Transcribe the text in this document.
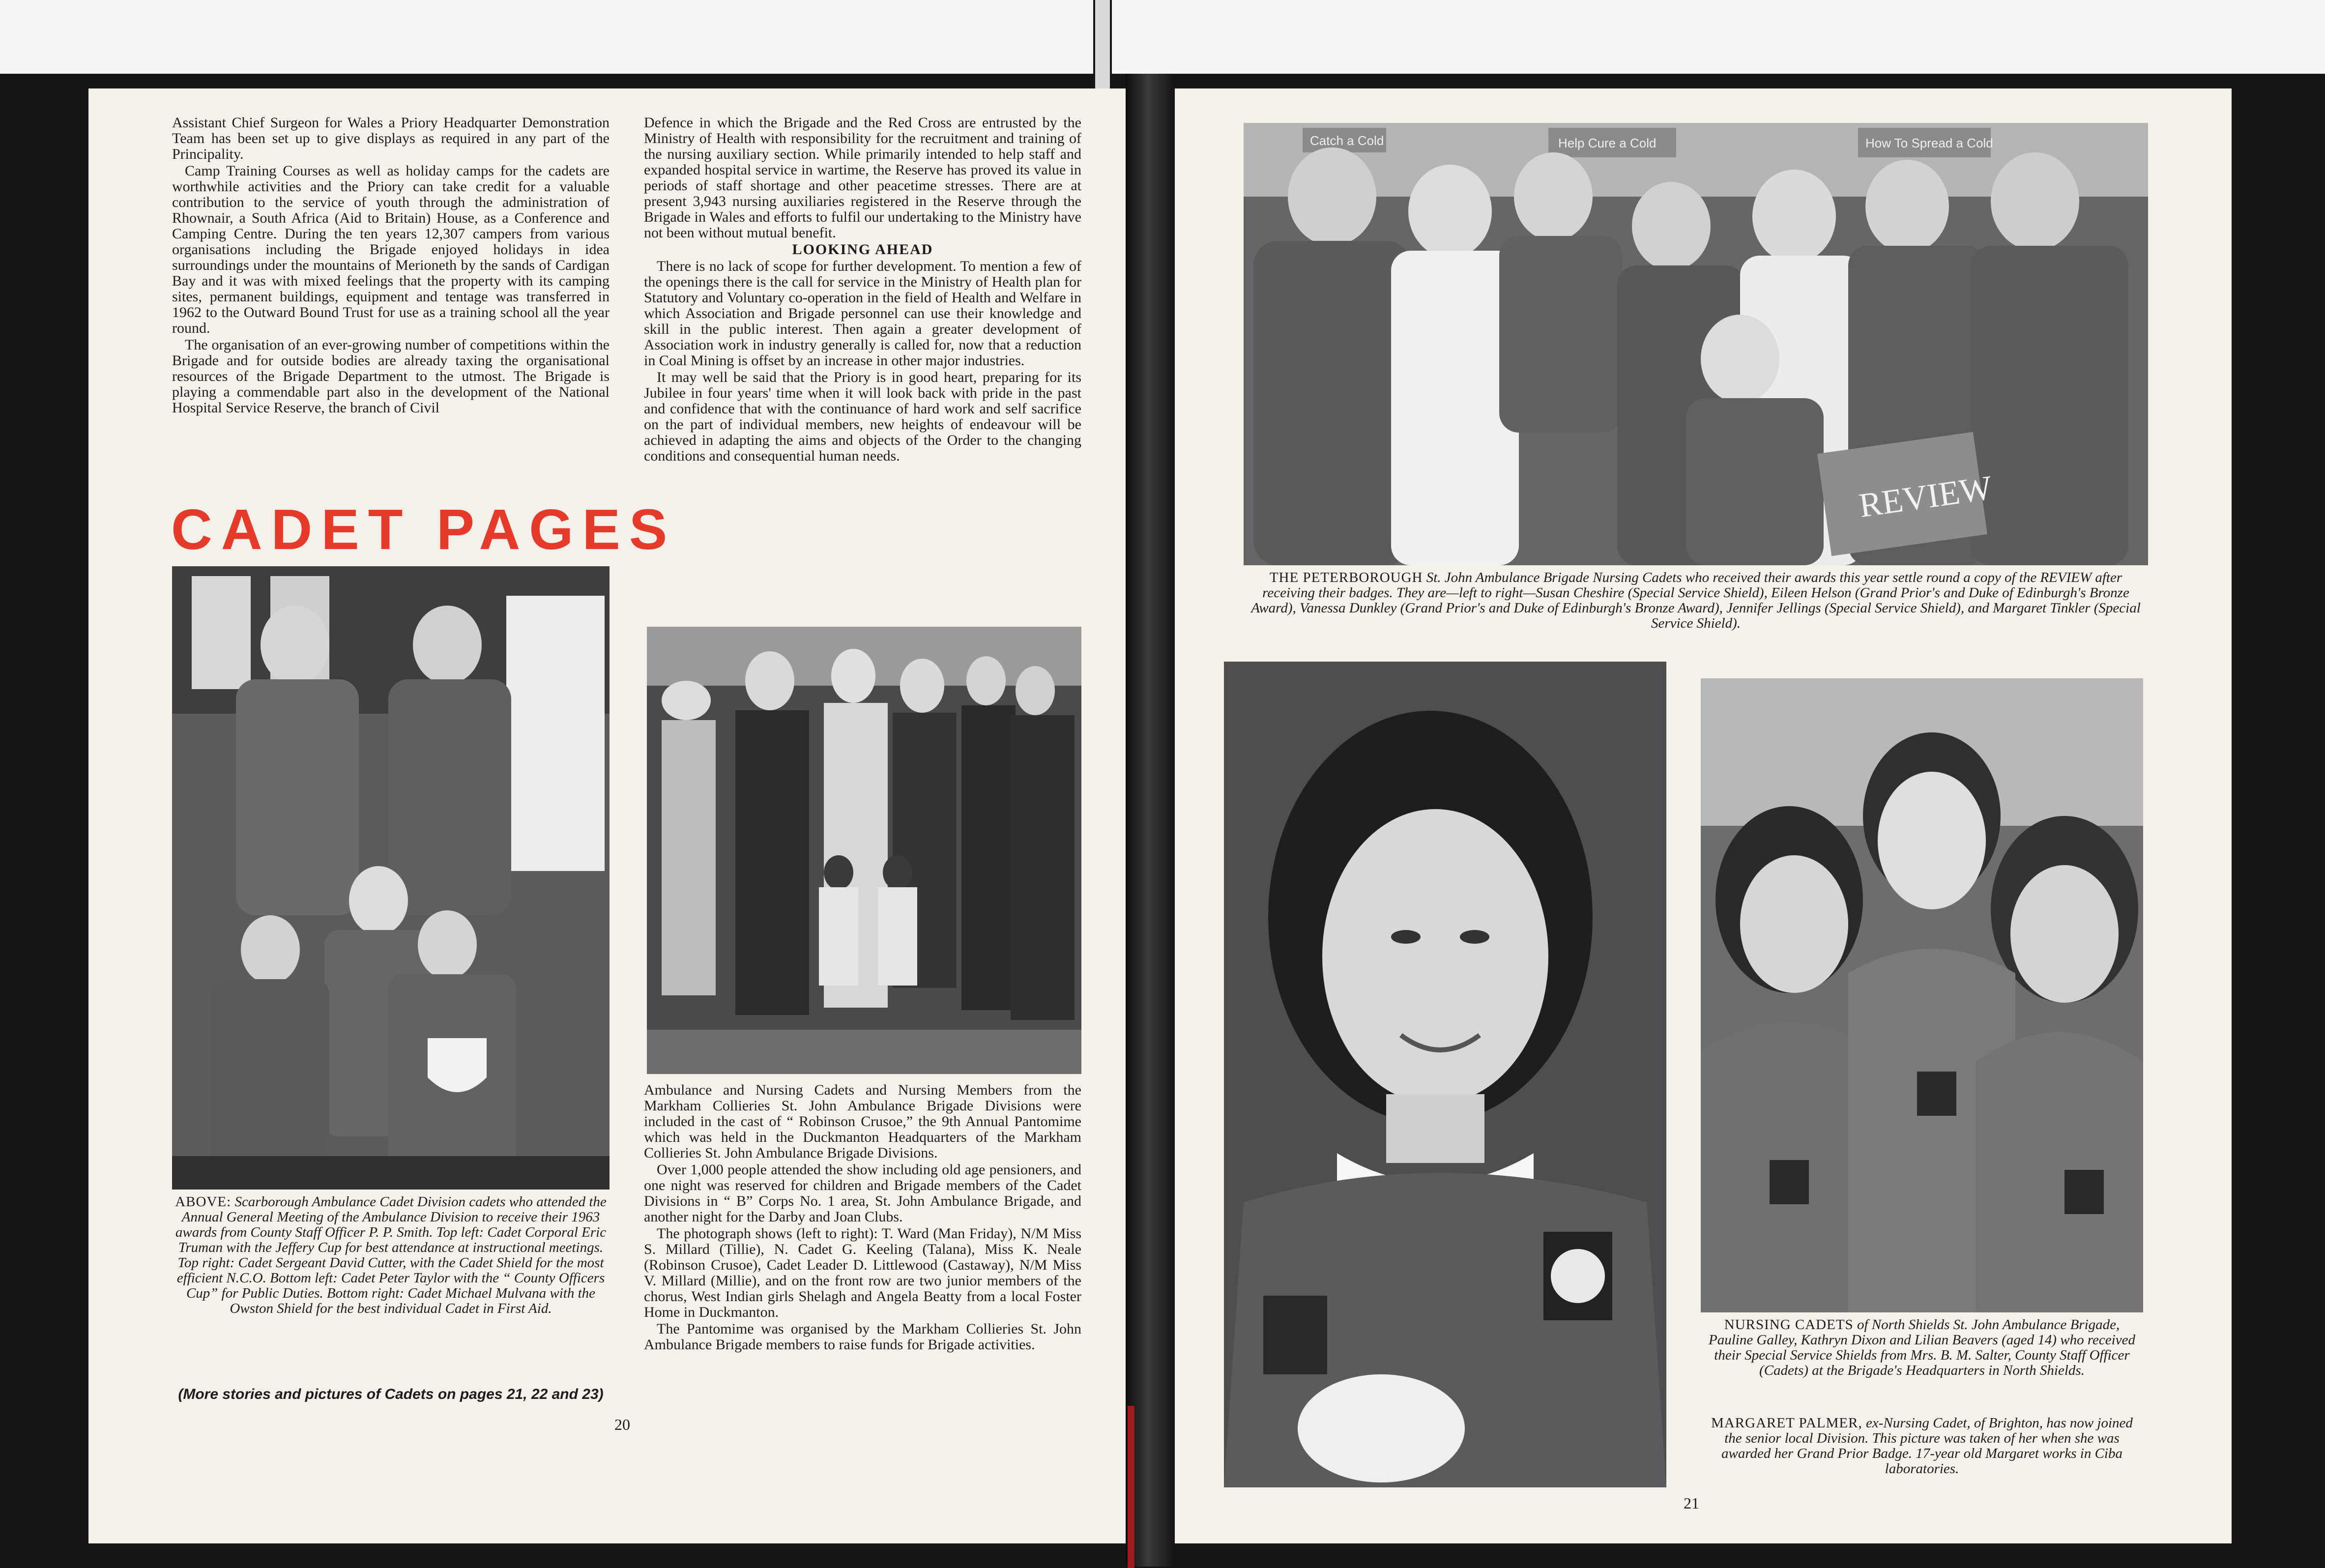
Assistant Chief Surgeon for Wales a Priory Headquarter Demonstration Team has been set up to give displays as required in any part of the Principality.

Camp Training Courses as well as holiday camps for the cadets are worthwhile activities and the Priory can take credit for a valuable contribution to the service of youth through the administration of Rhownair, a South Africa (Aid to Britain) House, as a Conference and Camping Centre. During the ten years 12,307 campers from various organisations including the Brigade enjoyed holidays in idea surroundings under the mountains of Merioneth by the sands of Cardigan Bay and it was with mixed feelings that the property with its camping sites, permanent buildings, equipment and tentage was transferred in 1962 to the Outward Bound Trust for use as a training school all the year round.

The organisation of an ever-growing number of competitions within the Brigade and for outside bodies are already taxing the organisational resources of the Brigade Department to the utmost. The Brigade is playing a commendable part also in the development of the National Hospital Service Reserve, the branch of Civil

CADET PAGES
ABOVE: Scarborough Ambulance Cadet Division cadets who attended the Annual General Meeting of the Ambulance Division to receive their 1963 awards from County Staff Officer P. P. Smith. Top left: Cadet Corporal Eric Truman with the Jeffery Cup for best attendance at instructional meetings. Top right: Cadet Sergeant David Cutter, with the Cadet Shield for the most efficient N.C.O. Bottom left: Cadet Peter Taylor with the “ County Officers Cup” for Public Duties. Bottom right: Cadet Michael Mulvana with the Owston Shield for the best individual Cadet in First Aid.
(More stories and pictures of Cadets on pages 21, 22 and 23)

Defence in which the Brigade and the Red Cross are entrusted by the Ministry of Health with responsibility for the recruitment and training of the nursing auxiliary section. While primarily intended to help staff and expanded hospital service in wartime, the Reserve has proved its value in periods of staff shortage and other peacetime stresses. There are at present 3,943 nursing auxiliaries registered in the Reserve through the Brigade in Wales and efforts to fulfil our undertaking to the Ministry have not been without mutual benefit.

LOOKING AHEAD

There is no lack of scope for further development. To mention a few of the openings there is the call for service in the Ministry of Health plan for Statutory and Voluntary co-operation in the field of Health and Welfare in which Association and Brigade personnel can use their knowledge and skill in the public interest. Then again a greater development of Association work in industry generally is called for, now that a reduction in Coal Mining is offset by an increase in other major industries.

It may well be said that the Priory is in good heart, preparing for its Jubilee in four years' time when it will look back with pride in the past and confidence that with the continuance of hard work and self sacrifice on the part of individual members, new heights of endeavour will be achieved in adapting the aims and objects of the Order to the changing conditions and consequential human needs.

Ambulance and Nursing Cadets and Nursing Members from the Markham Collieries St. John Ambulance Brigade Divisions were included in the cast of “ Robinson Crusoe,” the 9th Annual Pantomime which was held in the Duckmanton Headquarters of the Markham Collieries St. John Ambulance Brigade Divisions.

Over 1,000 people attended the show including old age pensioners, and one night was reserved for children and Brigade members of the Cadet Divisions in “ B” Corps No. 1 area, St. John Ambulance Brigade, and another night for the Darby and Joan Clubs.

The photograph shows (left to right): T. Ward (Man Friday), N/M Miss S. Millard (Tillie), N. Cadet G. Keeling (Talana), Miss K. Neale (Robinson Crusoe), Cadet Leader D. Littlewood (Castaway), N/M Miss V. Millard (Millie), and on the front row are two junior members of the chorus, West Indian girls Shelagh and Angela Beatty from a local Foster Home in Duckmanton.

The Pantomime was organised by the Markham Collieries St. John Ambulance Brigade members to raise funds for Brigade activities.

20
Catch a Cold	Help Cure a Cold	How To Spread a Cold
REVIEW
THE PETERBOROUGH St. John Ambulance Brigade Nursing Cadets who received their awards this year settle round a copy of the REVIEW after receiving their badges. They are—left to right—Susan Cheshire (Special Service Shield), Eileen Helson (Grand Prior's and Duke of Edinburgh's Bronze Award), Vanessa Dunkley (Grand Prior's and Duke of Edinburgh's Bronze Award), Jennifer Jellings (Special Service Shield), and Margaret Tinkler (Special Service Shield).
NURSING CADETS of North Shields St. John Ambulance Brigade, Pauline Galley, Kathryn Dixon and Lilian Beavers (aged 14) who received their Special Service Shields from Mrs. B. M. Salter, County Staff Officer (Cadets) at the Brigade's Headquarters in North Shields.
MARGARET PALMER, ex-Nursing Cadet, of Brighton, has now joined the senior local Division. This picture was taken of her when she was awarded her Grand Prior Badge. 17-year old Margaret works in Ciba laboratories.
21
